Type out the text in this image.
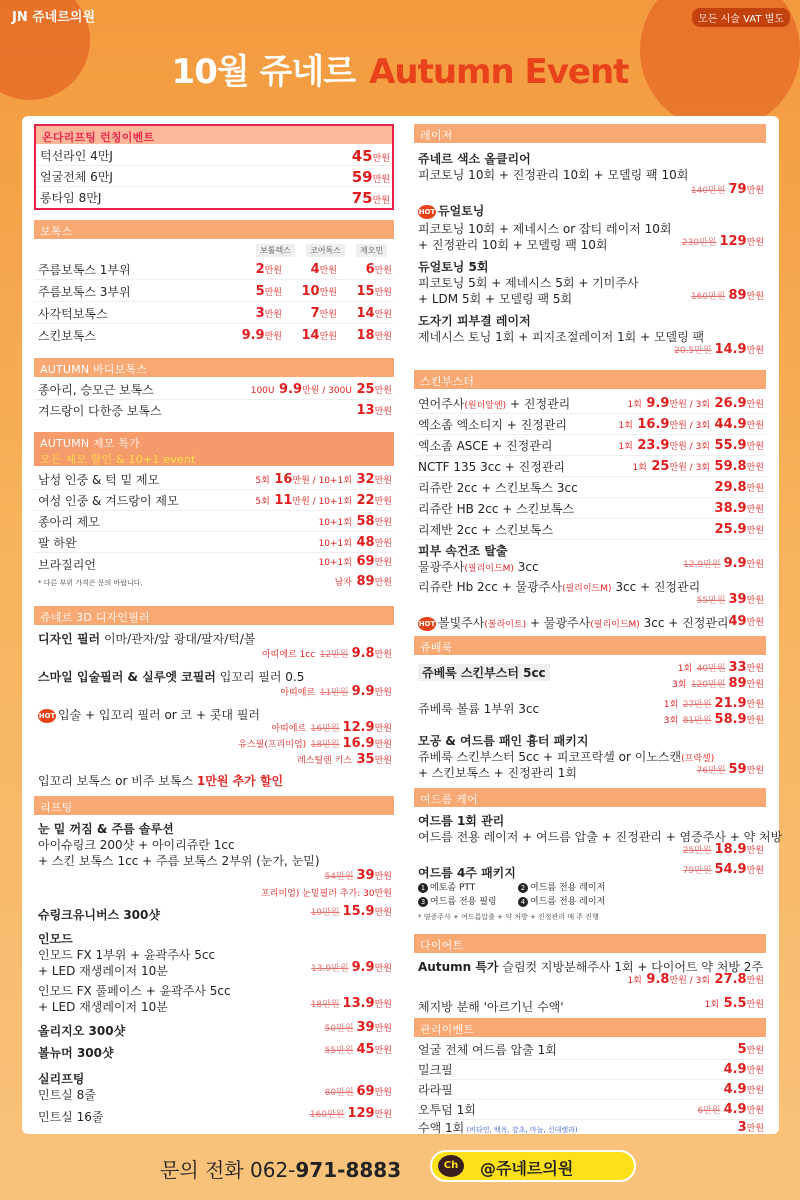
JN 쥬네르의원	모든 시술 VAT 별도
10월 쥬네르 Autumn Event
온다리프팅 런칭이벤트
턱선라인 4만J	45만원
얼굴전체 6만J	59만원
롱타임 8만J	75만원
보톡스
보톨렉스	코어톡스	제오민
주름보톡스 1부위	2만원 4만원 6만원
주름보톡스 3부위	5만원 10만원 15만원
사각턱보톡스	3만원 7만원 14만원
스킨보톡스	9.9만원 14만원 18만원
AUTUMN 바디보톡스
종아리, 승모근 보톡스	100U 9.9만원 / 300U 25만원
겨드랑이 다한증 보톡스	13만원
AUTUMN 제모 특가
모든 제모 할인 & 10+1 event
남성 인중 & 턱 밑 제모	5회 16만원 / 10+1회 32만원
여성 인중 & 겨드랑이 제모	5회 11만원 / 10+1회 22만원
종아리 제모	10+1회 58만원
팔 하완	10+1회 48만원
브라질리언	10+1회 69만원
* 다른 부위 가격은 문의 바랍니다.	남자 89만원
쥬네르 3D 디자인필러
디자인 필러 이마/관자/앞 광대/팔자/턱/볼
아띠에르 1cc 12만원 9.8만원
스마일 입술필러 & 실루엣 코필러 입꼬리 필러 0.5
아띠에르 11만원 9.9만원
HOT 입술 + 입꼬리 필러 or 코 + 콧대 필러
아띠에르 16만원 12.9만원
유스필(프리미엄) 18만원 16.9만원
레스틸렌 키스 35만원
입꼬리 보톡스 or 비주 보톡스 1만원 추가 할인
리프팅
눈 밑 꺼짐 & 주름 솔루션
아이슈링크 200샷 + 아이리쥬란 1cc
+ 스킨 보톡스 1cc + 주름 보톡스 2부위 (눈가, 눈밑)
54만원 39만원
프리미엄) 눈밑필러 추가: 30만원
슈링크유니버스 300샷	19만원 15.9만원
인모드
인모드 FX 1부위 + 윤곽주사 5cc
+ LED 재생레이저 10분	13.9만원 9.9만원
인모드 FX 풀페이스 + 윤곽주사 5cc
+ LED 재생레이저 10분	18만원 13.9만원
올리지오 300샷	50만원 39만원
볼뉴머 300샷	55만원 45만원
실리프팅
민트실 8줄	80만원 69만원
민트실 16줄	160만원 129만원
레이저
쥬네르 색소 올클리어
피코토닝 10회 + 진정관리 10회 + 모델링 팩 10회
140만원 79만원
HOT 듀얼토닝
피코토닝 10회 + 제네시스 or 잡티 레이저 10회
+ 진정관리 10회 + 모델링 팩 10회	230만원 129만원
듀얼토닝 5회
피코토닝 5회 + 제네시스 5회 + 기미주사
+ LDM 5회 + 모델링 팩 5회	160만원 89만원
도자기 피부결 레이저
제네시스 토닝 1회 + 피지조절레이저 1회 + 모델링 팩
20.5만원 14.9만원
스킨부스터
연어주사(원더알엔) + 진정관리	1회 9.9만원 / 3회 26.9만원
엑소좀 엑소티지 + 진정관리	1회 16.9만원 / 3회 44.9만원
엑소좀 ASCE + 진정관리	1회 23.9만원 / 3회 55.9만원
NCTF 135 3cc + 진정관리	1회 25만원 / 3회 59.8만원
리쥬란 2cc + 스킨보톡스 3cc	29.8만원
리쥬란 HB 2cc + 스킨보톡스	38.9만원
리제반 2cc + 스킨보톡스	25.9만원
피부 속건조 탈출
물광주사(필리이드M) 3cc	12.9만원 9.9만원
리쥬란 Hb 2cc + 물광주사(필리이드M) 3cc + 진정관리
55만원 39만원
HOT 볼빛주사(볼라이트) + 물광주사(필리이드M) 3cc + 진정관리 49만원
쥬베룩
쥬베룩 스킨부스터 5cc	1회 40만원 33만원
3회 120만원 89만원
쥬베룩 볼륨 1부위 3cc	1회 27만원 21.9만원
3회 81만원 58.9만원
모공 & 여드름 패인 흉터 패키지
쥬베룩 스킨부스터 5cc + 피코프락셀 or 이노스캔(프락셀)
+ 스킨보톡스 + 진정관리 1회	76만원 59만원
여드름 케어
여드름 1회 관리
여드름 전용 레이저 + 여드름 압출 + 진정관리 + 염증주사 + 약 처방
25만원 18.9만원
여드름 4주 패키지	79만원 54.9만원
1 에토좀 PTT	2 여드름 전용 레이저
3 여드름 전용 필링	4 여드름 전용 레이저
* 염증주사 + 여드름압출 + 약 처방 + 진정관리 매 주 진행
다이어트
Autumn 특가 슬림컷 지방분해주사 1회 + 다이어트 약 처방 2주
1회 9.8만원 / 3회 27.8만원
체지방 분해 '아르기닌 수액'	1회 5.5만원
관리이벤트
얼굴 전체 여드름 압출 1회	5만원
밀크필	4.9만원
라라필	4.9만원
오투덤 1회	6만원 4.9만원
수액 1회 (비타민, 백옥, 감초, 마늘, 신데렐라)	3만원
문의 전화 062-971-8883	Ch	@쥬네르의원
